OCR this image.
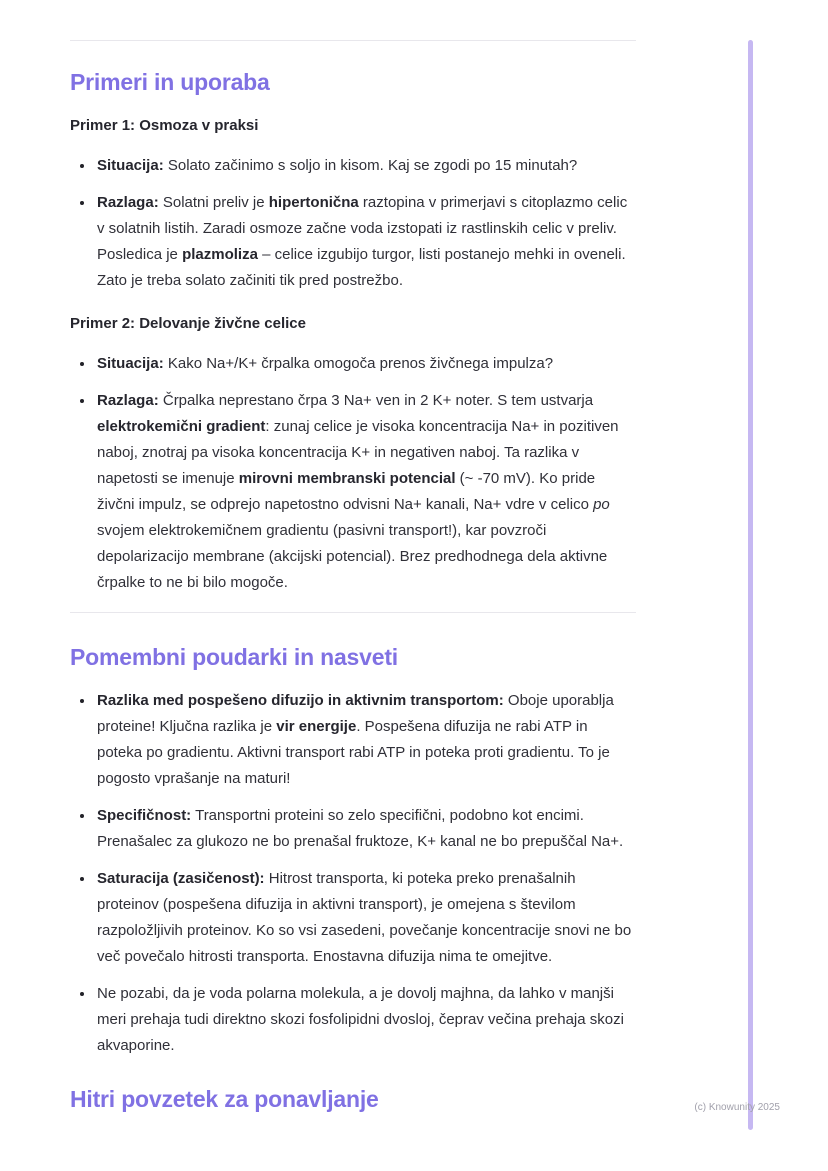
Primeri in uporaba
Primer 1: Osmoza v praksi
• Situacija: Solato začinimo s soljo in kisom. Kaj se zgodi po 15 minutah?
• Razlaga: Solatni preliv je hipertonična raztopina v primerjavi s citoplazmo celic v solatnih listih. Zaradi osmoze začne voda izstopati iz rastlinskih celic v preliv. Posledica je plazmoliza – celice izgubijo turgor, listi postanejo mehki in oveneli. Zato je treba solato začiniti tik pred postrežbo.
Primer 2: Delovanje živčne celice
• Situacija: Kako Na+/K+ črpalka omogoča prenos živčnega impulza?
• Razlaga: Črpalka neprestano črpa 3 Na+ ven in 2 K+ noter. S tem ustvarja elektrokemični gradient: zunaj celice je visoka koncentracija Na+ in pozitiven naboj, znotraj pa visoka koncentracija K+ in negativen naboj. Ta razlika v napetosti se imenuje mirovni membranski potencial (~ -70 mV). Ko pride živčni impulz, se odprejo napetostno odvisni Na+ kanali, Na+ vdre v celico po svojem elektrokemičnem gradientu (pasivni transport!), kar povzroči depolarizacijo membrane (akcijski potencial). Brez predhodnega dela aktivne črpalke to ne bi bilo mogoče.
Pomembni poudarki in nasveti
• Razlika med pospešeno difuzijo in aktivnim transportom: Oboje uporablja proteine! Ključna razlika je vir energije. Pospešena difuzija ne rabi ATP in poteka po gradientu. Aktivni transport rabi ATP in poteka proti gradientu. To je pogosto vprašanje na maturi!
• Specifičnost: Transportni proteini so zelo specifični, podobno kot encimi. Prenašalec za glukozo ne bo prenašal fruktoze, K+ kanal ne bo prepuščal Na+.
• Saturacija (zasičenost): Hitrost transporta, ki poteka preko prenašalnih proteinov (pospešena difuzija in aktivni transport), je omejena s številom razpoložljivih proteinov. Ko so vsi zasedeni, povečanje koncentracije snovi ne bo več povečalo hitrosti transporta. Enostavna difuzija nima te omejitve.
• Ne pozabi, da je voda polarna molekula, a je dovolj majhna, da lahko v manjši meri prehaja tudi direktno skozi fosfolipidni dvosloj, čeprav večina prehaja skozi akvaporine.
Hitri povzetek za ponavljanje	(c) Knowunity 2025
